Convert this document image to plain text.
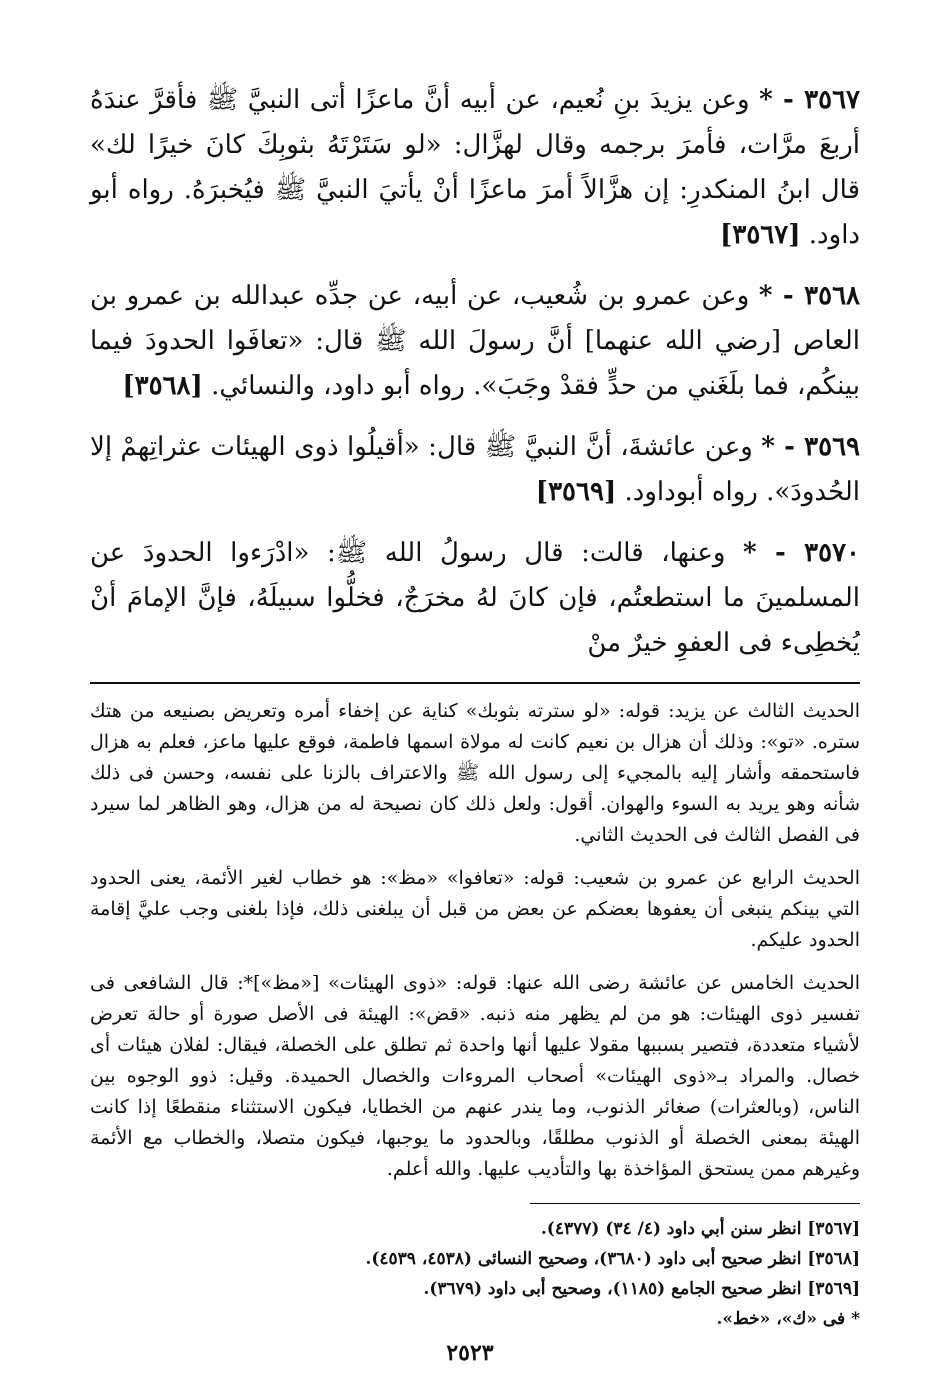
٣٥٦٧ - * وعن يزيدَ بنِ نُعيم، عن أبيه أنَّ ماعزًا أتى النبيَّ ﷺ فأقرَّ عندَهُ أربعَ مرَّات، فأمرَ برجمه وقال لهزَّال: «لو سَتَرْتَهُ بثوبِكَ كانَ خيرًا لك» قال ابنُ المنكدرِ: إن هزَّالاً أمرَ ماعزًا أنْ يأتيَ النبيَّ ﷺ فيُخبرَهُ. رواه أبو داود. [٣٥٦٧]
٣٥٦٨ - * وعن عمرو بن شُعيب، عن أبيه، عن جدِّه عبدالله بن عمرو بن العاص [رضي الله عنهما] أنَّ رسولَ الله ﷺ قال: «تعافَوا الحدودَ فيما بينكُم، فما بلَغَني من حدٍّ فقدْ وجَبَ». رواه أبو داود، والنسائي. [٣٥٦٨]
٣٥٦٩ - * وعن عائشةَ، أنَّ النبيَّ ﷺ قال: «أقيلُوا ذوى الهيئات عثراتِهمْ إلا الحُدودَ». رواه أبوداود. [٣٥٦٩]
٣٥٧٠ - * وعنها، قالت: قال رسولُ الله ﷺ: «ادْرَءوا الحدودَ عن المسلمينَ ما استطعتُم، فإن كانَ لهُ مخرَجٌ، فخلُّوا سبيلَهُ، فإنَّ الإمامَ أنْ يُخطِىء فى العفوِ خيرٌ منْ
الحديث الثالث عن يزيد: قوله: «لو سترته بثوبك» كناية عن إخفاء أمره وتعريض بصنيعه من هتك ستره. «تو»: وذلك أن هزال بن نعيم كانت له مولاة اسمها فاطمة، فوقع عليها ماعز، فعلم به هزال فاستحمقه وأشار إليه بالمجيء إلى رسول الله ﷺ والاعتراف بالزنا على نفسه، وحسن فى ذلك شأنه وهو يريد به السوء والهوان. أقول: ولعل ذلك كان نصيحة له من هزال، وهو الظاهر لما سيرد فى الفصل الثالث فى الحديث الثاني.
الحديث الرابع عن عمرو بن شعيب: قوله: «تعافوا» «مظ»: هو خطاب لغير الأئمة، يعنى الحدود التي بينكم ينبغى أن يعفوها بعضكم عن بعض من قبل أن يبلغنى ذلك، فإذا بلغنى وجب عليَّ إقامة الحدود عليكم.
الحديث الخامس عن عائشة رضى الله عنها: قوله: «ذوى الهيئات» [«مظ»]*: قال الشافعى فى تفسير ذوى الهيئات: هو من لم يظهر منه ذنبه. «قض»: الهيئة فى الأصل صورة أو حالة تعرض لأشياء متعددة، فتصير بسببها مقولا عليها أنها واحدة ثم تطلق على الخصلة، فيقال: لفلان هيئات أى خصال. والمراد بـ«ذوى الهيئات» أصحاب المروءات والخصال الحميدة. وقيل: ذوو الوجوه بين الناس، (وبالعثرات) صغائر الذنوب، وما يندر عنهم من الخطايا، فيكون الاستثناء منقطعًا إذا كانت الهيئة بمعنى الخصلة أو الذنوب مطلقًا، وبالحدود ما يوجبها، فيكون متصلا، والخطاب مع الأئمة وغيرهم ممن يستحق المؤاخذة بها والتأديب عليها. والله أعلم.
[٣٥٦٧] انظر سنن أبي داود (٤/ ٣٤) (٤٣٧٧).
[٣٥٦٨] انظر صحيح أبى داود (٣٦٨٠)، وصحيح النسائى (٤٥٣٨، ٤٥٣٩).
[٣٥٦٩] انظر صحيح الجامع (١١٨٥)، وصحيح أبى داود (٣٦٧٩).
* فى «ك»، «خط».
٢٥٢٣
